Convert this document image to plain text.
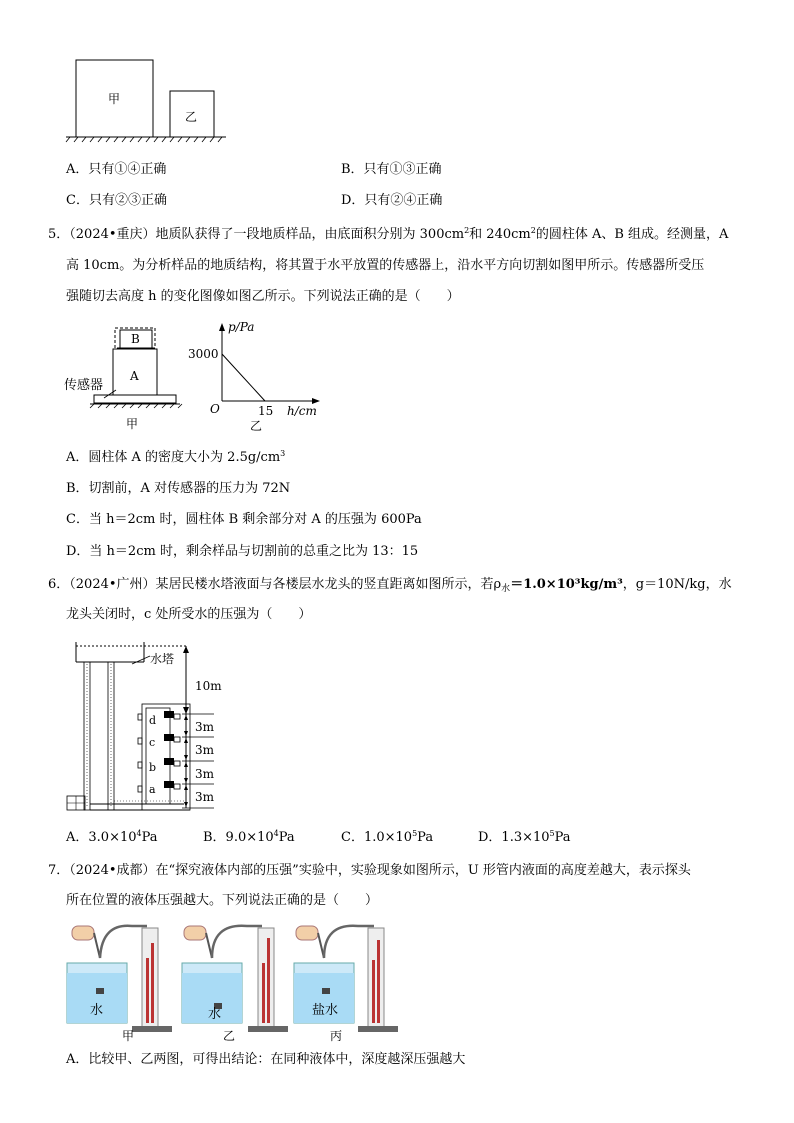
甲
乙
A．只有①④正确	B．只有①③正确
C．只有②③正确	D．只有②④正确
5．（2024•重庆）地质队获得了一段地质样品，由底面积分别为 $300cm^2$和 $240cm^2$的圆柱体 A、B 组成。经测量，A
高 10cm。为分析样品的地质结构，将其置于水平放置的传感器上，沿水平方向切割如图甲所示。传感器所受压
强随切去高度 h 的变化图像如图乙所示。下列说法正确的是（　　）
B
A
传感器
甲
p/Pa
h/cm
O
3000
15
乙
A．圆柱体 A 的密度大小为 $2.5g/cm^3$
B．切割前，A 对传感器的压力为 72N
C．当 h＝2cm 时，圆柱体 B 剩余部分对 A 的压强为 600Pa
D．当 h＝2cm 时，剩余样品与切割前的总重之比为 13：15
6．（2024•广州）某居民楼水塔液面与各楼层水龙头的竖直距离如图所示，若$\rho_水=1.0\times 10^3kg/m^3$，g＝10N/kg，水
龙头关闭时，c 处所受水的压强为（　　）
水塔
d
c
b
a
10m
3m
3m
3m
3m
A．$3.0\times 10^4Pa$	B．$9.0\times 10^4Pa$	C．$1.0\times 10^5Pa$	D．$1.3\times 10^5Pa$
7．（2024•成都）在“探究液体内部的压强”实验中，实验现象如图所示，U 形管内液面的高度差越大，表示探头
所在位置的液体压强越大。下列说法正确的是（　　）
水
甲
水
乙
盐水
丙
A．比较甲、乙两图，可得出结论：在同种液体中，深度越深压强越大
